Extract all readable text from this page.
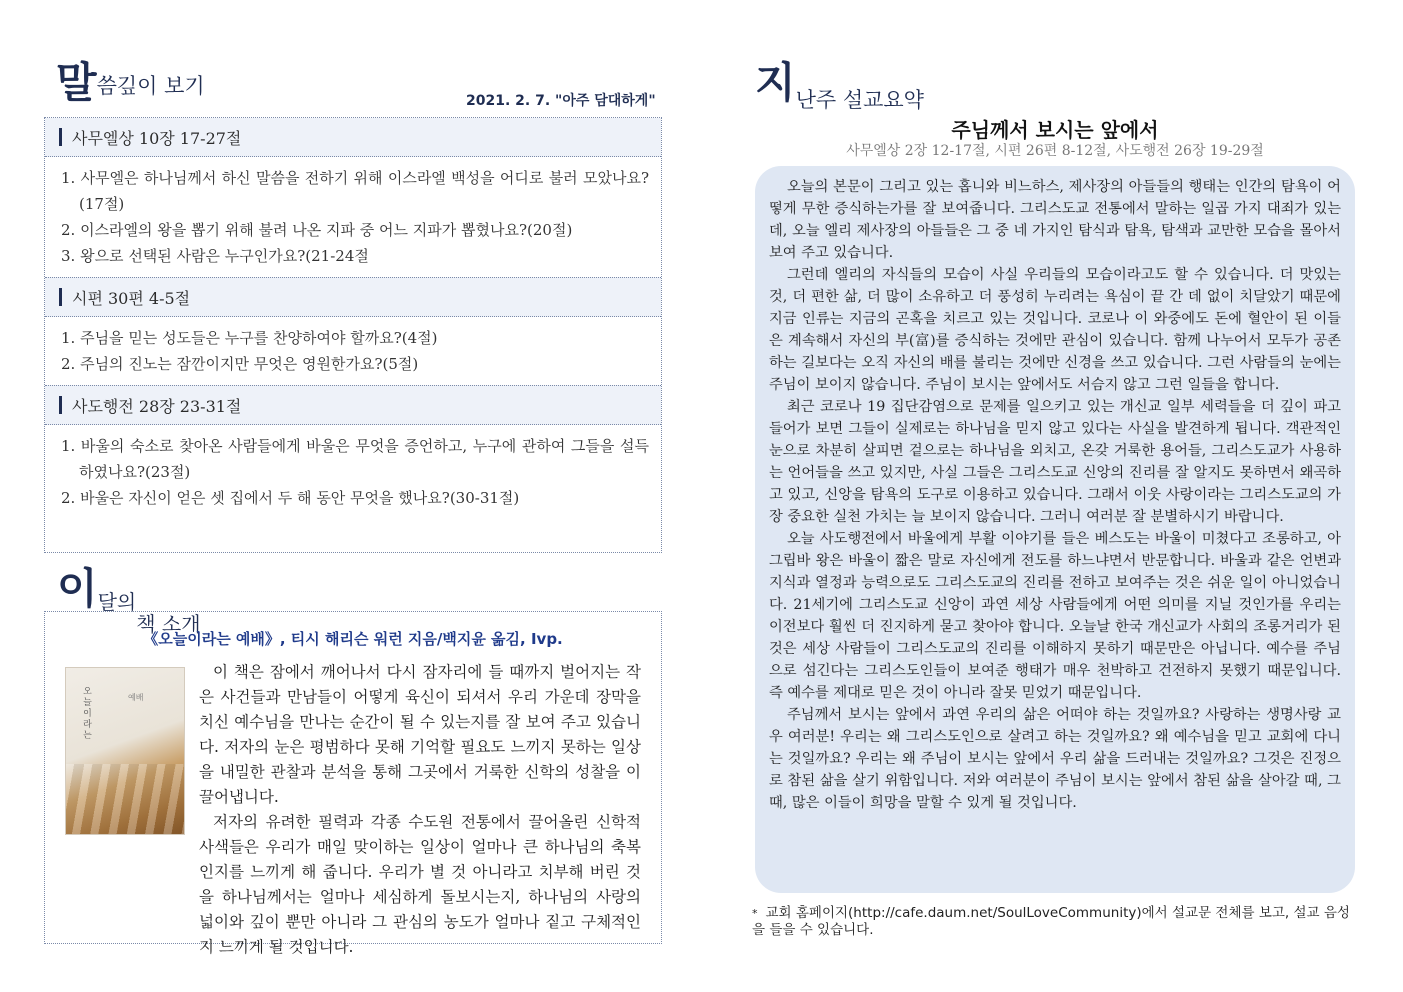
말씀깊이 보기
2021. 2. 7. "아주 담대하게"
사무엘상 10장 17-27절
1. 사무엘은 하나님께서 하신 말씀을 전하기 위해 이스라엘 백성을 어디로 불러 모았나요?(17절)
2. 이스라엘의 왕을 뽑기 위해 불려 나온 지파 중 어느 지파가 뽑혔나요?(20절)
3. 왕으로 선택된 사람은 누구인가요?(21-24절
시편 30편 4-5절
1. 주님을 믿는 성도들은 누구를 찬양하여야 할까요?(4절)
2. 주님의 진노는 잠깐이지만 무엇은 영원한가요?(5절)
사도행전 28장 23-31절
1. 바울의 숙소로 찾아온 사람들에게 바울은 무엇을 증언하고, 누구에 관하여 그들을 설득하였나요?(23절)
2. 바울은 자신이 얻은 셋 집에서 두 해 동안 무엇을 했나요?(30-31절)
이달의책 소개
《오늘이라는 예배》, 티시 해리슨 워런 지음/백지윤 옮김, Ivp.
오늘이라는	예배
이 책은 잠에서 깨어나서 다시 잠자리에 들 때까지 벌어지는 작은 사건들과 만남들이 어떻게 육신이 되셔서 우리 가운데 장막을 치신 예수님을 만나는 순간이 될 수 있는지를 잘 보여 주고 있습니다. 저자의 눈은 평범하다 못해 기억할 필요도 느끼지 못하는 일상을 내밀한 관찰과 분석을 통해 그곳에서 거룩한 신학의 성찰을 이끌어냅니다.
저자의 유려한 필력과 각종 수도원 전통에서 끌어올린 신학적 사색들은 우리가 매일 맞이하는 일상이 얼마나 큰 하나님의 축복인지를 느끼게 해 줍니다. 우리가 별 것 아니라고 치부해 버린 것을 하나님께서는 얼마나 세심하게 돌보시는지, 하나님의 사랑의 넓이와 깊이 뿐만 아니라 그 관심의 농도가 얼마나 짙고 구체적인지 느끼게 될 것입니다.
지난주 설교요약
주님께서 보시는 앞에서
사무엘상 2장 12-17절, 시편 26편 8-12절, 사도행전 26장 19-29절

오늘의 본문이 그리고 있는 홉니와 비느하스, 제사장의 아들들의 행태는 인간의 탐욕이 어떻게 무한 증식하는가를 잘 보여줍니다. 그리스도교 전통에서 말하는 일곱 가지 대죄가 있는데, 오늘 엘리 제사장의 아들들은 그 중 네 가지인 탐식과 탐욕, 탐색과 교만한 모습을 몰아서 보여 주고 있습니다.

그런데 엘리의 자식들의 모습이 사실 우리들의 모습이라고도 할 수 있습니다. 더 맛있는 것, 더 편한 삶, 더 많이 소유하고 더 풍성히 누리려는 욕심이 끝 간 데 없이 치달았기 때문에 지금 인류는 지금의 곤혹을 치르고 있는 것입니다. 코로나 이 와중에도 돈에 혈안이 된 이들은 계속해서 자신의 부(富)를 증식하는 것에만 관심이 있습니다. 함께 나누어서 모두가 공존하는 길보다는 오직 자신의 배를 불리는 것에만 신경을 쓰고 있습니다. 그런 사람들의 눈에는 주님이 보이지 않습니다. 주님이 보시는 앞에서도 서슴지 않고 그런 일들을 합니다.

최근 코로나 19 집단감염으로 문제를 일으키고 있는 개신교 일부 세력들을 더 깊이 파고 들어가 보면 그들이 실제로는 하나님을 믿지 않고 있다는 사실을 발견하게 됩니다. 객관적인 눈으로 차분히 살피면 겉으로는 하나님을 외치고, 온갖 거룩한 용어들, 그리스도교가 사용하는 언어들을 쓰고 있지만, 사실 그들은 그리스도교 신앙의 진리를 잘 알지도 못하면서 왜곡하고 있고, 신앙을 탐욕의 도구로 이용하고 있습니다. 그래서 이웃 사랑이라는 그리스도교의 가장 중요한 실천 가치는 늘 보이지 않습니다. 그러니 여러분 잘 분별하시기 바랍니다.

오늘 사도행전에서 바울에게 부활 이야기를 들은 베스도는 바울이 미쳤다고 조롱하고, 아그립바 왕은 바울이 짧은 말로 자신에게 전도를 하느냐면서 반문합니다. 바울과 같은 언변과 지식과 열정과 능력으로도 그리스도교의 진리를 전하고 보여주는 것은 쉬운 일이 아니었습니다. 21세기에 그리스도교 신앙이 과연 세상 사람들에게 어떤 의미를 지닐 것인가를 우리는 이전보다 훨씬 더 진지하게 묻고 찾아야 합니다. 오늘날 한국 개신교가 사회의 조롱거리가 된 것은 세상 사람들이 그리스도교의 진리를 이해하지 못하기 때문만은 아닙니다. 예수를 주님으로 섬긴다는 그리스도인들이 보여준 행태가 매우 천박하고 건전하지 못했기 때문입니다. 즉 예수를 제대로 믿은 것이 아니라 잘못 믿었기 때문입니다.

주님께서 보시는 앞에서 과연 우리의 삶은 어떠야 하는 것일까요? 사랑하는 생명사랑 교우 여러분! 우리는 왜 그리스도인으로 살려고 하는 것일까요? 왜 예수님을 믿고 교회에 다니는 것일까요? 우리는 왜 주님이 보시는 앞에서 우리 삶을 드러내는 것일까요? 그것은 진정으로 참된 삶을 살기 위함입니다. 저와 여러분이 주님이 보시는 앞에서 참된 삶을 살아갈 때, 그 때, 많은 이들이 희망을 말할 수 있게 될 것입니다.

* 교회 홈페이지(http://cafe.daum.net/SoulLoveCommunity)에서 설교문 전체를 보고, 설교 음성을 들을 수 있습니다.
